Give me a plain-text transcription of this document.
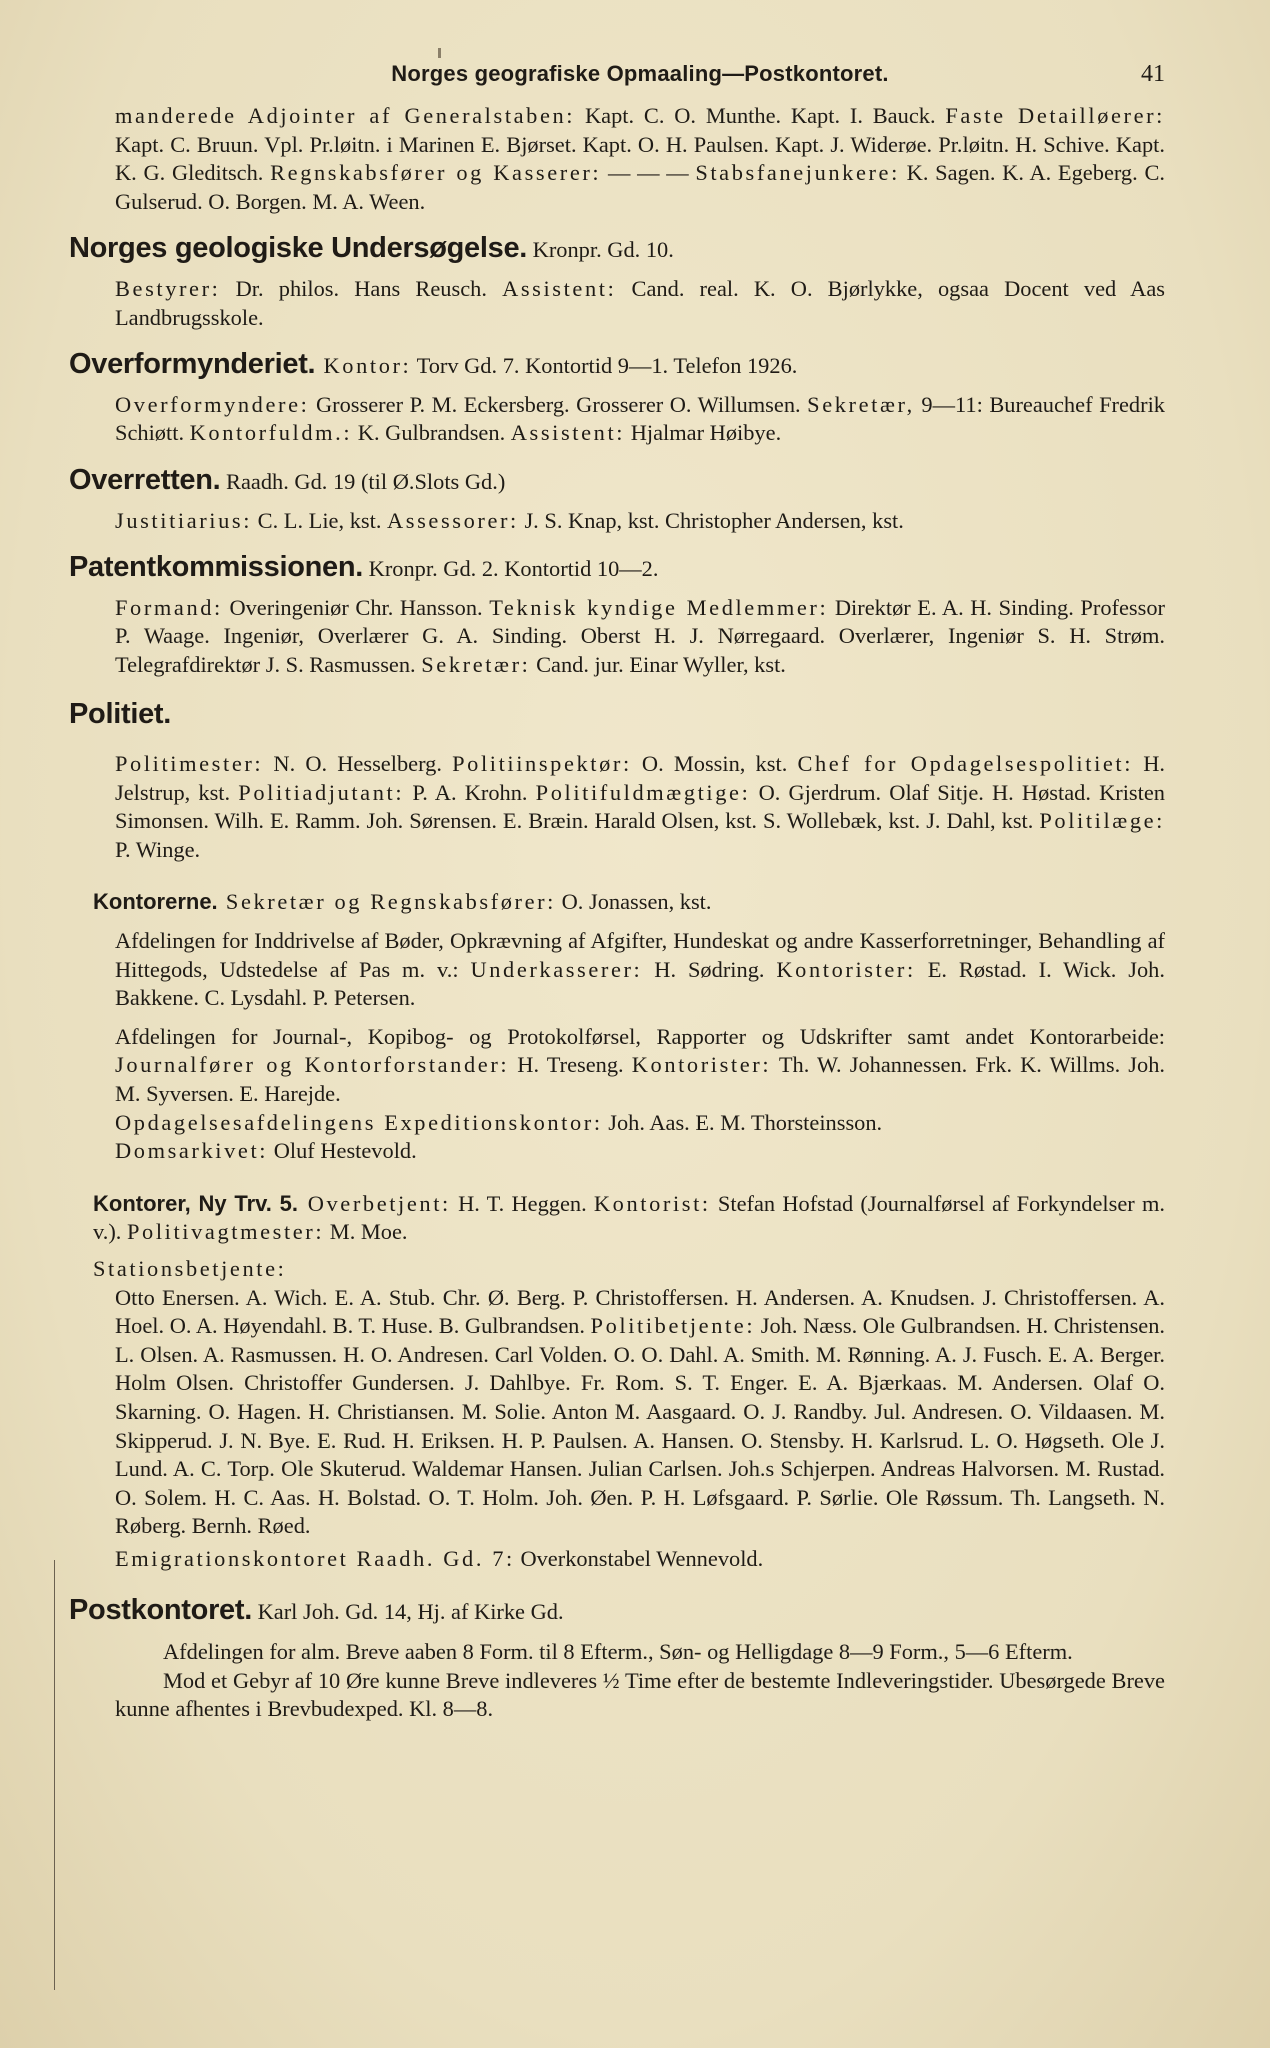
Norges geografiske Opmaaling—Postkontoret.	41

manderede Adjointer af Generalstaben: Kapt. C. O. Munthe. Kapt. I. Bauck. Faste Detailløerer: Kapt. C. Bruun. Vpl. Pr.løitn. i Marinen E. Bjørset. Kapt. O. H. Paulsen. Kapt. J. Widerøe. Pr.løitn. H. Schive. Kapt. K. G. Gleditsch. Regnskabsfører og Kasserer: — — — Stabsfanejunkere: K. Sagen. K. A. Egeberg. C. Gulserud. O. Borgen. M. A. Ween.

Norges geologiske Undersøgelse. Kronpr. Gd. 10.

Bestyrer: Dr. philos. Hans Reusch. Assistent: Cand. real. K. O. Bjørlykke, ogsaa Docent ved Aas Landbrugsskole.

Overformynderiet. Kontor: Torv Gd. 7. Kontortid 9—1. Telefon 1926.

Overformyndere: Grosserer P. M. Eckersberg. Grosserer O. Willumsen. Sekretær, 9—11: Bureauchef Fredrik Schiøtt. Kontorfuldm.: K. Gulbrandsen. Assistent: Hjalmar Høibye.

Overretten. Raadh. Gd. 19 (til Ø.Slots Gd.)

Justitiarius: C. L. Lie, kst. Assessorer: J. S. Knap, kst. Christopher Andersen, kst.

Patentkommissionen. Kronpr. Gd. 2. Kontortid 10—2.

Formand: Overingeniør Chr. Hansson. Teknisk kyndige Medlemmer: Direktør E. A. H. Sinding. Professor P. Waage. Ingeniør, Overlærer G. A. Sinding. Oberst H. J. Nørregaard. Overlærer, Ingeniør S. H. Strøm. Telegrafdirektør J. S. Rasmussen. Sekretær: Cand. jur. Einar Wyller, kst.

Politiet.

Politimester: N. O. Hesselberg. Politiinspektør: O. Mossin, kst. Chef for Opdagelsespolitiet: H. Jelstrup, kst. Politiadjutant: P. A. Krohn. Politifuldmægtige: O. Gjerdrum. Olaf Sitje. H. Høstad. Kristen Simonsen. Wilh. E. Ramm. Joh. Sørensen. E. Bræin. Harald Olsen, kst. S. Wollebæk, kst. J. Dahl, kst. Politilæge: P. Winge.

Kontorerne. Sekretær og Regnskabsfører: O. Jonassen, kst.

Afdelingen for Inddrivelse af Bøder, Opkrævning af Afgifter, Hundeskat og andre Kasserforretninger, Behandling af Hittegods, Udstedelse af Pas m. v.: Underkasserer: H. Sødring. Kontorister: E. Røstad. I. Wick. Joh. Bakkene. C. Lysdahl. P. Petersen.

Afdelingen for Journal-, Kopibog- og Protokolførsel, Rapporter og Udskrifter samt andet Kontorarbeide: Journalfører og Kontorforstander: H. Treseng. Kontorister: Th. W. Johannessen. Frk. K. Willms. Joh. M. Syversen. E. Harejde.

Opdagelsesafdelingens Expeditionskontor: Joh. Aas. E. M. Thorsteinsson.

Domsarkivet: Oluf Hestevold.

Kontorer, Ny Trv. 5. Overbetjent: H. T. Heggen. Kontorist: Stefan Hofstad (Journalførsel af Forkyndelser m. v.). Politivagtmester: M. Moe.

Stationsbetjente:

Otto Enersen. A. Wich. E. A. Stub. Chr. Ø. Berg. P. Christoffersen. H. Andersen. A. Knudsen. J. Christoffersen. A. Hoel. O. A. Høyendahl. B. T. Huse. B. Gulbrandsen. Politibetjente: Joh. Næss. Ole Gulbrandsen. H. Christensen. L. Olsen. A. Rasmussen. H. O. Andresen. Carl Volden. O. O. Dahl. A. Smith. M. Rønning. A. J. Fusch. E. A. Berger. Holm Olsen. Christoffer Gundersen. J. Dahlbye. Fr. Rom. S. T. Enger. E. A. Bjærkaas. M. Andersen. Olaf O. Skarning. O. Hagen. H. Christiansen. M. Solie. Anton M. Aasgaard. O. J. Randby. Jul. Andresen. O. Vildaasen. M. Skipperud. J. N. Bye. E. Rud. H. Eriksen. H. P. Paulsen. A. Hansen. O. Stensby. H. Karlsrud. L. O. Høgseth. Ole J. Lund. A. C. Torp. Ole Skuterud. Waldemar Hansen. Julian Carlsen. Joh.s Schjerpen. Andreas Halvorsen. M. Rustad. O. Solem. H. C. Aas. H. Bolstad. O. T. Holm. Joh. Øen. P. H. Løfsgaard. P. Sørlie. Ole Røssum. Th. Langseth. N. Røberg. Bernh. Røed.

Emigrationskontoret Raadh. Gd. 7: Overkonstabel Wennevold.

Postkontoret. Karl Joh. Gd. 14, Hj. af Kirke Gd.

Afdelingen for alm. Breve aaben 8 Form. til 8 Efterm., Søn- og Helligdage 8—9 Form., 5—6 Efterm.

Mod et Gebyr af 10 Øre kunne Breve indleveres ½ Time efter de bestemte Indleveringstider. Ubesørgede Breve kunne afhentes i Brevbudexped. Kl. 8—8.
